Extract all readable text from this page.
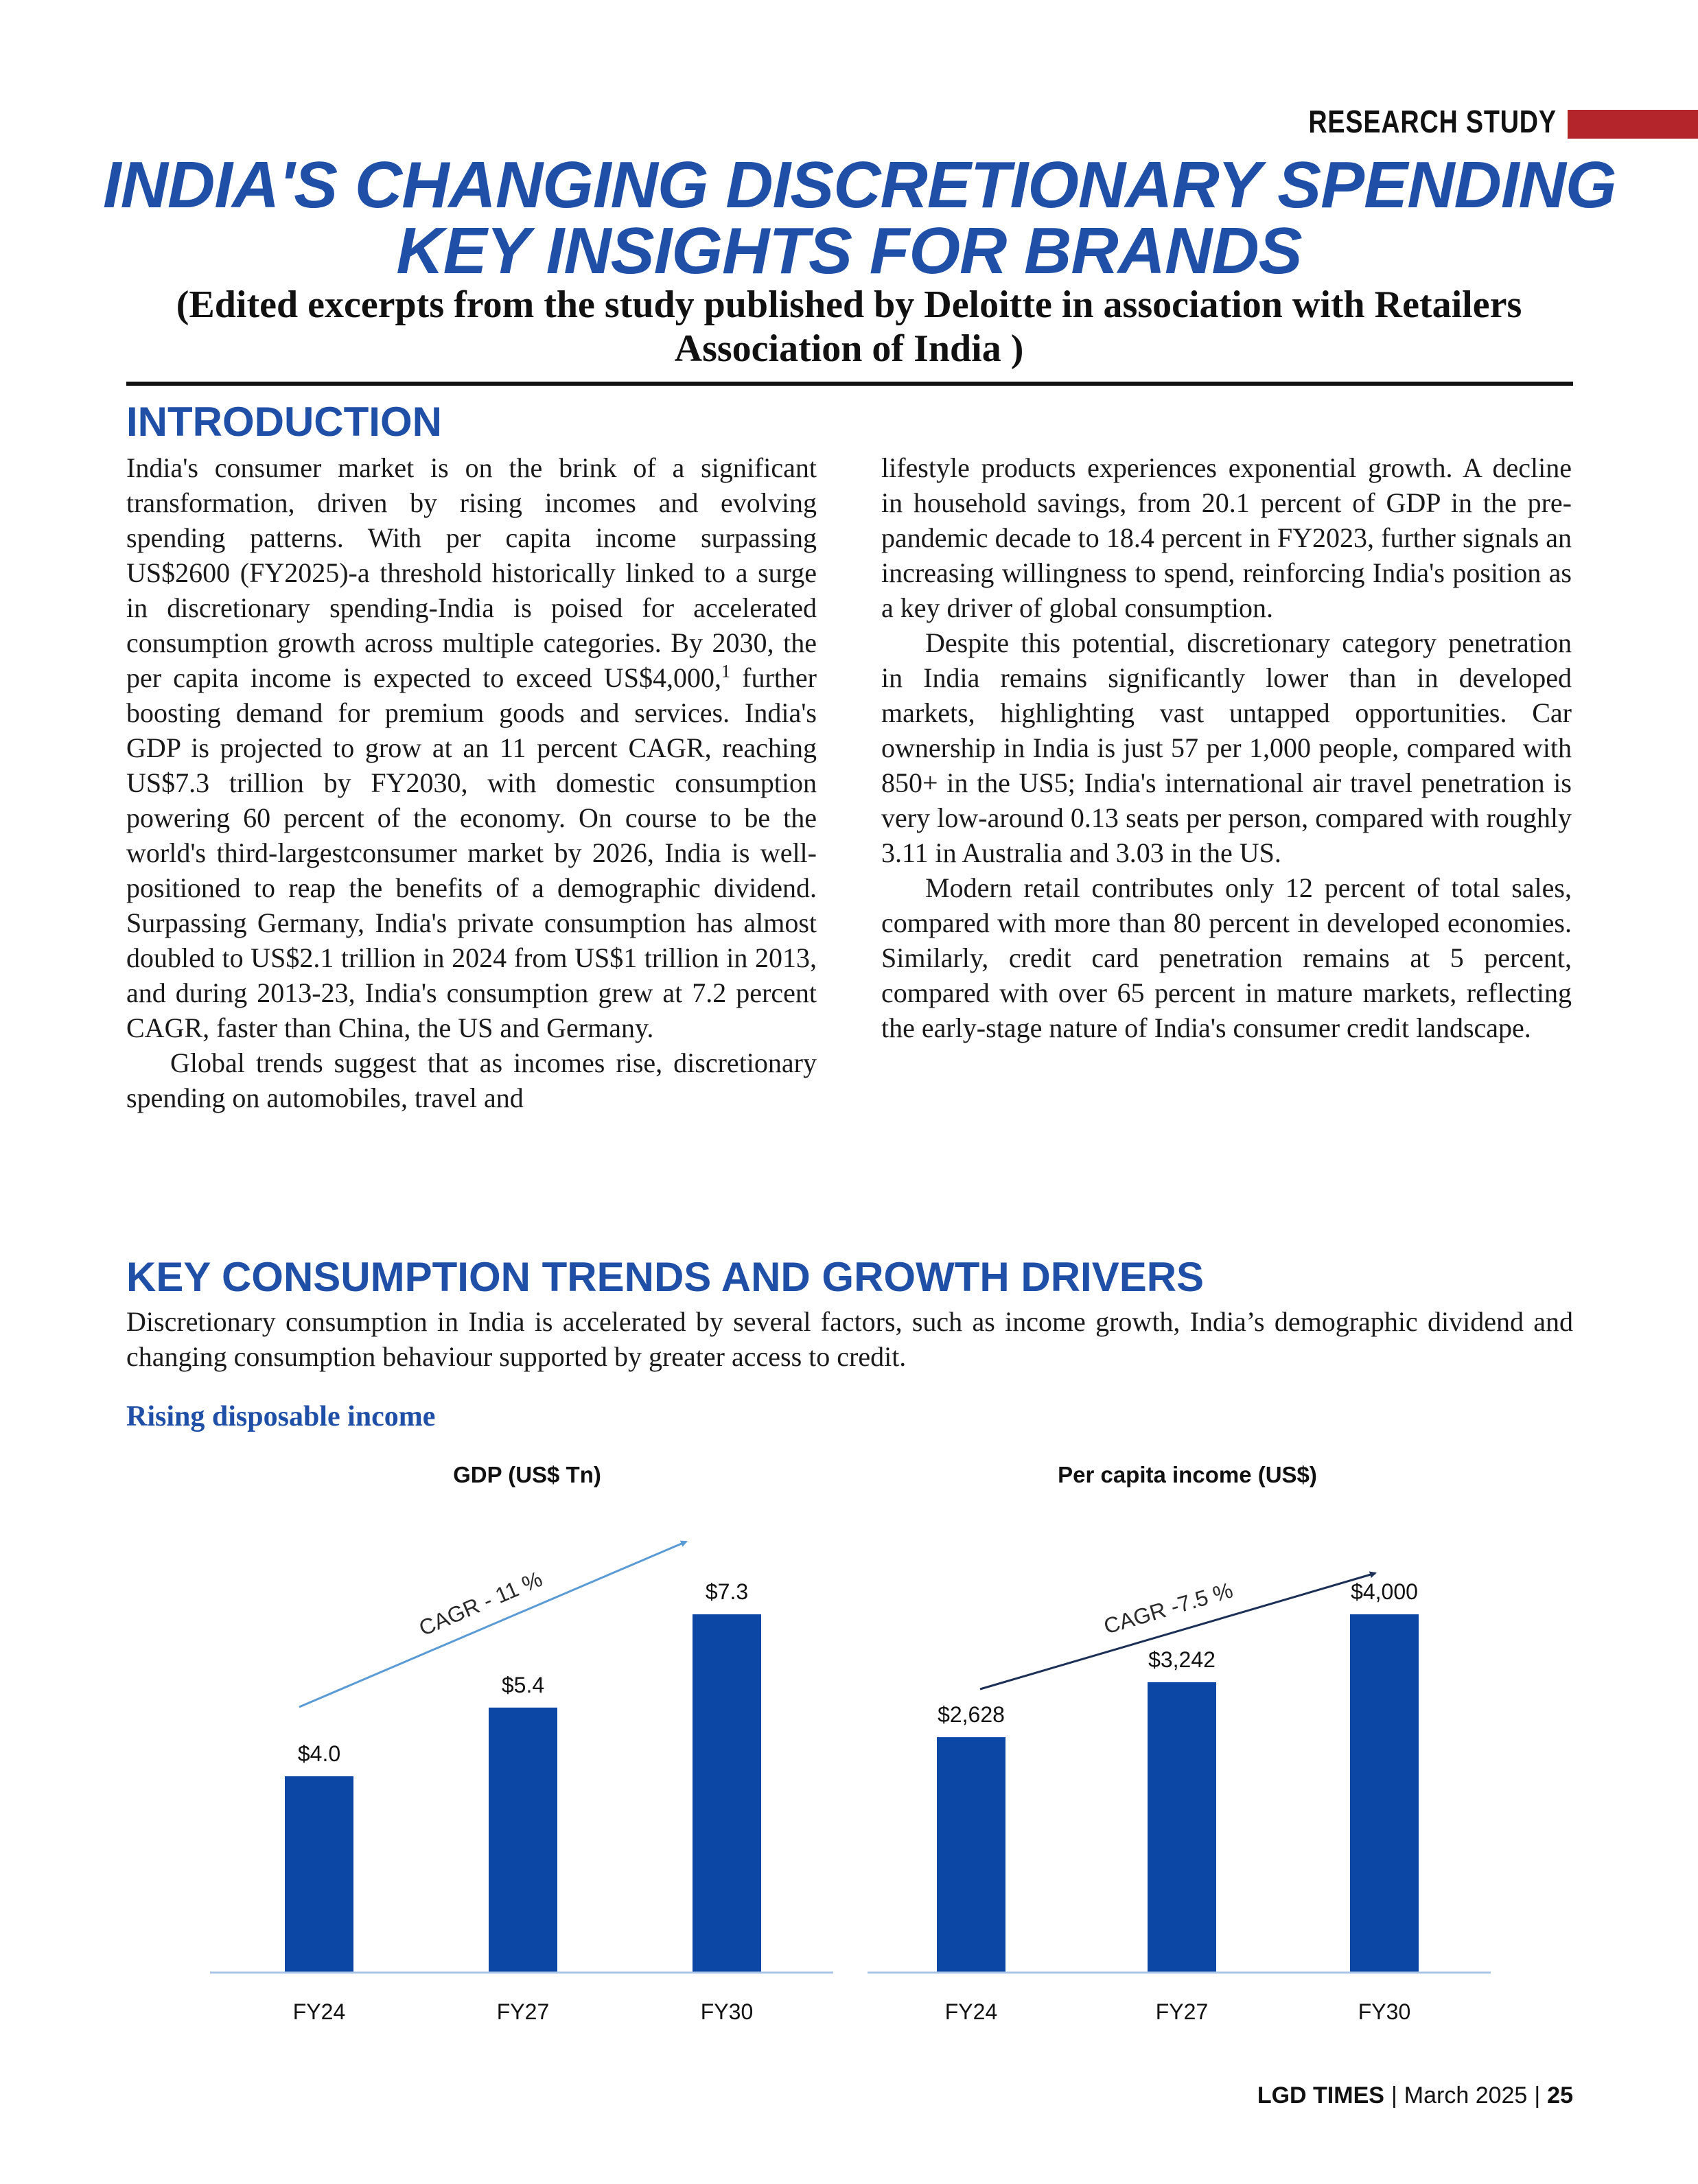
RESEARCH STUDY
INDIA'S CHANGING DISCRETIONARY SPENDING
KEY INSIGHTS FOR BRANDS
(Edited excerpts from the study published by Deloitte in association with Retailers Association of India )
INTRODUCTION

India's consumer market is on the brink of a significant transformation, driven by rising incomes and evolving spending patterns. With per capita income surpassing US$2600 (FY2025)-a threshold historically linked to a surge in discretionary spending-India is poised for accelerated consumption growth across multiple categories. By 2030, the per capita income is expected to exceed US$4,000,$^1$ further boosting demand for premium goods and services. India's GDP is projected to grow at an 11 percent CAGR, reaching US$7.3 trillion by FY2030, with domestic consumption powering 60 percent of the economy. On course to be the world's third-largestconsumer market by 2026, India is well-positioned to reap the benefits of a demographic dividend. Surpassing Germany, India's private consumption has almost doubled to US$2.1 trillion in 2024 from US$1 trillion in 2013, and during 2013-23, India's consumption grew at 7.2 percent CAGR, faster than China, the US and Germany.

Global trends suggest that as incomes rise, discretionary spending on automobiles, travel and

lifestyle products experiences exponential growth. A decline in household savings, from 20.1 percent of GDP in the pre-pandemic decade to 18.4 percent in FY2023, further signals an increasing willingness to spend, reinforcing India's position as a key driver of global consumption.

Despite this potential, discretionary category penetration in India remains significantly lower than in developed markets, highlighting vast untapped opportunities. Car ownership in India is just 57 per 1,000 people, compared with 850+ in the US5; India's international air travel penetration is very low-around 0.13 seats per person, compared with roughly 3.11 in Australia and 3.03 in the US.

Modern retail contributes only 12 percent of total sales, compared with more than 80 percent in developed economies. Similarly, credit card penetration remains at 5 percent, compared with over 65 percent in mature markets, reflecting the early-stage nature of India's consumer credit landscape.

KEY CONSUMPTION TRENDS AND GROWTH DRIVERS
Discretionary consumption in India is accelerated by several factors, such as income growth, India’s demographic dividend and changing consumption behaviour supported by greater access to credit.
Rising disposable income
GDP (US$ Tn)
$4.0
FY24
$5.4
FY27
$7.3
FY30
CAGR - 11 %
Per capita income (US$)
$2,628
FY24
$3,242
FY27
$4,000
FY30
CAGR -7.5 %
LGD TIMES | March 2025 | 25
